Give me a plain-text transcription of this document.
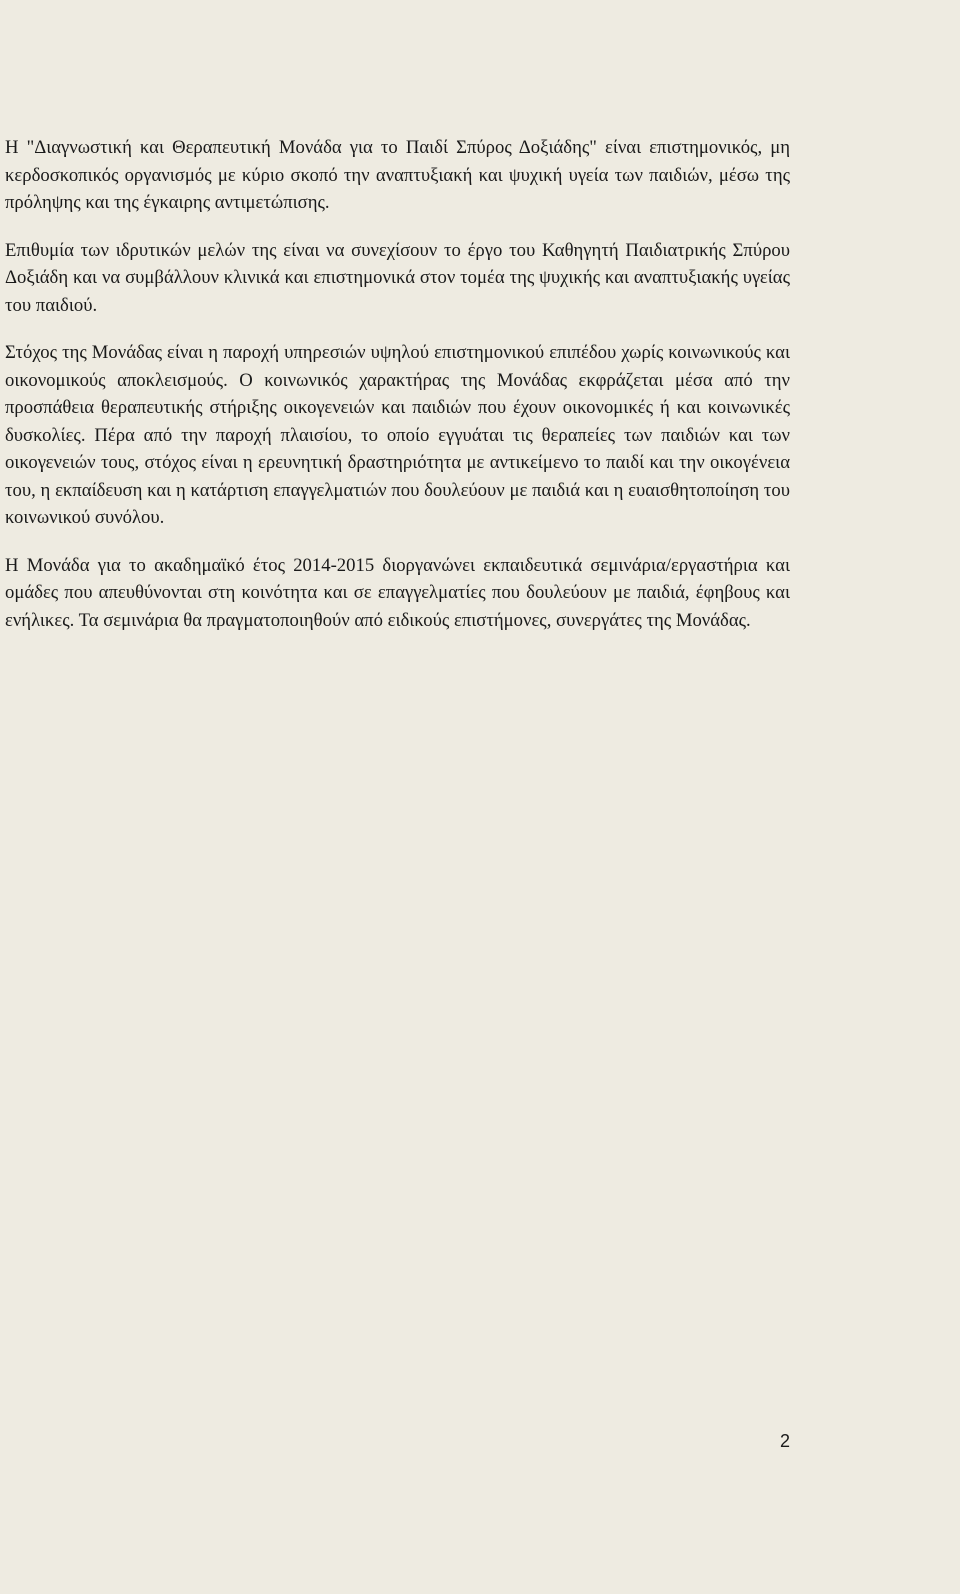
Η "Διαγνωστική και Θεραπευτική Μονάδα για το Παιδί Σπύρος Δοξιάδης" είναι επιστημονικός, μη κερδοσκοπικός οργανισμός με κύριο σκοπό την αναπτυξιακή και ψυχική υγεία των παιδιών, μέσω της πρόληψης και της έγκαιρης αντιμετώπισης.

Επιθυμία των ιδρυτικών μελών της είναι να συνεχίσουν το έργο του Καθηγητή Παιδιατρικής Σπύρου Δοξιάδη και να συμβάλλουν κλινικά και επιστημονικά στον τομέα της ψυχικής και αναπτυξιακής υγείας του παιδιού.

Στόχος της Μονάδας είναι η παροχή υπηρεσιών υψηλού επιστημονικού επιπέδου χωρίς κοινωνικούς και οικονομικούς αποκλεισμούς. Ο κοινωνικός χαρακτήρας της Μονάδας εκφράζεται μέσα από την προσπάθεια θεραπευτικής στήριξης οικογενειών και παιδιών που έχουν οικονομικές ή και κοινωνικές δυσκολίες. Πέρα από την παροχή πλαισίου, το οποίο εγγυάται τις θεραπείες των παιδιών και των οικογενειών τους, στόχος είναι η ερευνητική δραστηριότητα με αντικείμενο το παιδί και την οικογένεια του, η εκπαίδευση και η κατάρτιση επαγγελματιών που δουλεύουν με παιδιά και η ευαισθητοποίηση του κοινωνικού συνόλου.

Η Μονάδα για το ακαδημαϊκό έτος 2014-2015 διοργανώνει εκπαιδευτικά σεμινάρια/εργαστήρια και ομάδες που απευθύνονται στη κοινότητα και σε επαγγελματίες που δουλεύουν με παιδιά, έφηβους και ενήλικες. Τα σεμινάρια θα πραγματοποιηθούν από ειδικούς επιστήμονες, συνεργάτες της Μονάδας.

2
